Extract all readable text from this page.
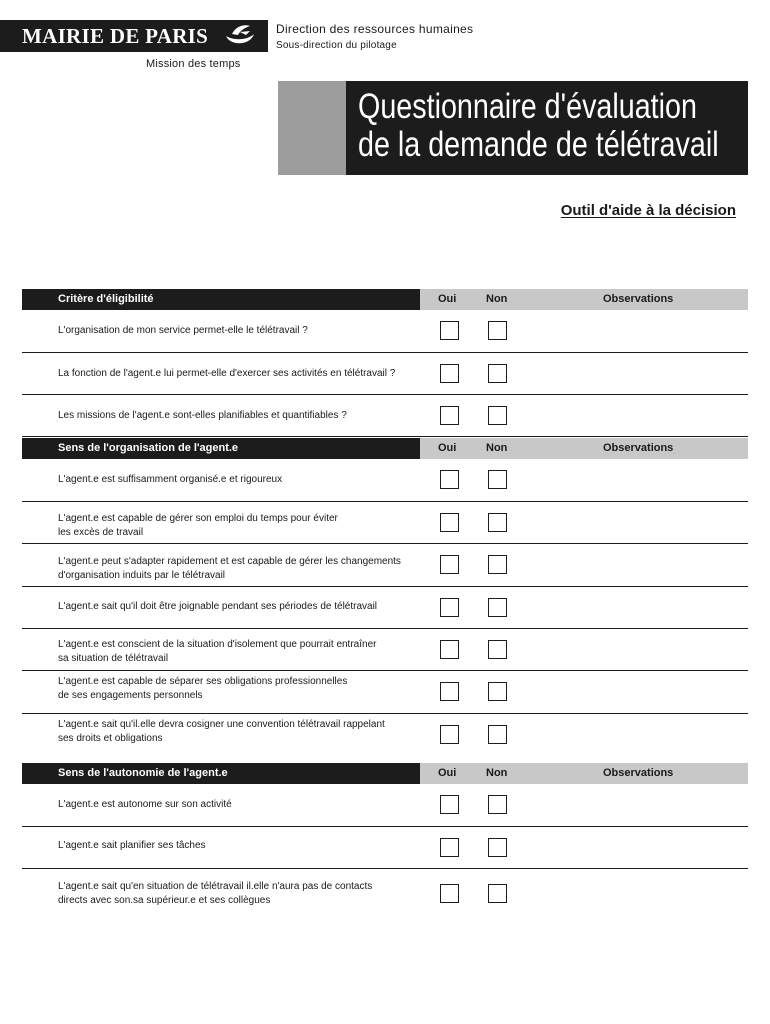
MAIRIE DE PARIS
Mission des temps
Direction des ressources humaines
Sous-direction du pilotage
Questionnaire d'évaluation
de la demande de télétravail
Outil d'aide à la décision
Critère d'éligibilité	Oui	Non	Observations
L'organisation de mon service permet-elle le télétravail ?
La fonction de l'agent.e lui permet-elle d'exercer ses activités en télétravail ?
Les missions de l'agent.e sont-elles planifiables et quantifiables ?
Sens de l'organisation de l'agent.e	Oui	Non	Observations
L'agent.e est suffisamment organisé.e et rigoureux
L'agent.e est capable de gérer son emploi du temps pour éviter
les excès de travail
L'agent.e peut s'adapter rapidement et est capable de gérer les changements
d'organisation induits par le télétravail
L'agent.e sait qu'il doit être joignable pendant ses périodes de télétravail
L'agent.e est conscient de la situation d'isolement que pourrait entraîner
sa situation de télétravail
L'agent.e est capable de séparer ses obligations professionnelles
de ses engagements personnels
L'agent.e sait qu'il.elle devra cosigner une convention télétravail rappelant
ses droits et obligations
Sens de l'autonomie de l'agent.e	Oui	Non	Observations
L'agent.e est autonome sur son activité
L'agent.e sait planifier ses tâches
L'agent.e sait qu'en situation de télétravail il.elle n'aura pas de contacts
directs avec son.sa supérieur.e et ses collègues
